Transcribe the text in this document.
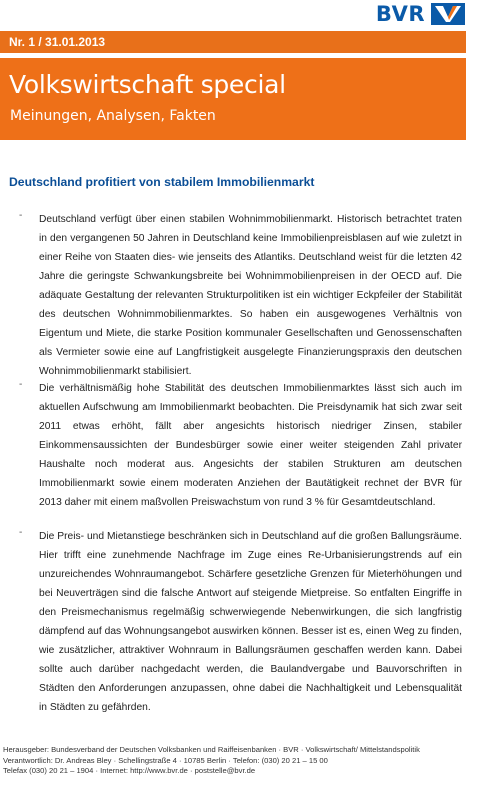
BVR
Nr. 1 / 31.01.2013
Volkswirtschaft special
Meinungen, Analysen, Fakten
Deutschland profitiert von stabilem Immobilienmarkt
- Deutschland verfügt über einen stabilen Wohnimmobilienmarkt. Historisch betrachtet traten in den vergangenen 50 Jahren in Deutschland keine Immobilienpreisblasen auf wie zuletzt in einer Reihe von Staaten dies- wie jenseits des Atlantiks. Deutschland weist für die letzten 42 Jahre die geringste Schwankungsbreite bei Wohnimmobilienpreisen in der OECD auf. Die adäquate Gestaltung der relevanten Strukturpolitiken ist ein wichtiger Eckpfeiler der Stabilität des deutschen Wohnimmobilienmarktes. So haben ein ausgewogenes Verhältnis von Eigentum und Miete, die starke Position kommunaler Gesellschaften und Genossenschaften als Vermieter sowie eine auf Langfristigkeit ausgelegte Finanzierungspraxis den deutschen Wohnimmobilienmarkt stabilisiert.
- Die verhältnismäßig hohe Stabilität des deutschen Immobilienmarktes lässt sich auch im aktuellen Aufschwung am Immobilienmarkt beobachten. Die Preisdynamik hat sich zwar seit 2011 etwas erhöht, fällt aber angesichts historisch niedriger Zinsen, stabiler Einkommensaussichten der Bundesbürger sowie einer weiter steigenden Zahl privater Haushalte noch moderat aus. Angesichts der stabilen Strukturen am deutschen Immobilienmarkt sowie einem moderaten Anziehen der Bautätigkeit rechnet der BVR für 2013 daher mit einem maßvollen Preiswachstum von rund 3 % für Gesamtdeutschland.
- Die Preis- und Mietanstiege beschränken sich in Deutschland auf die großen Ballungsräume. Hier trifft eine zunehmende Nachfrage im Zuge eines Re-Urbanisierungstrends auf ein unzureichendes Wohnraumangebot. Schärfere gesetzliche Grenzen für Mieterhöhungen und bei Neuverträgen sind die falsche Antwort auf steigende Mietpreise. So entfalten Eingriffe in den Preismechanismus regelmäßig schwerwiegende Nebenwirkungen, die sich langfristig dämpfend auf das Wohnungsangebot auswirken können. Besser ist es, einen Weg zu finden, wie zusätzlicher, attraktiver Wohnraum in Ballungsräumen geschaffen werden kann. Dabei sollte auch darüber nachgedacht werden, die Baulandvergabe und Bauvorschriften in Städten den Anforderungen anzupassen, ohne dabei die Nachhaltigkeit und Lebensqualität in Städten zu gefährden.
Herausgeber: Bundesverband der Deutschen Volksbanken und Raiffeisenbanken · BVR · Volkswirtschaft/ Mittelstandspolitik
Verantwortlich: Dr. Andreas Bley · Schellingstraße 4 · 10785 Berlin · Telefon: (030) 20 21 – 15 00
Telefax (030) 20 21 – 1904 · Internet: http://www.bvr.de · poststelle@bvr.de
